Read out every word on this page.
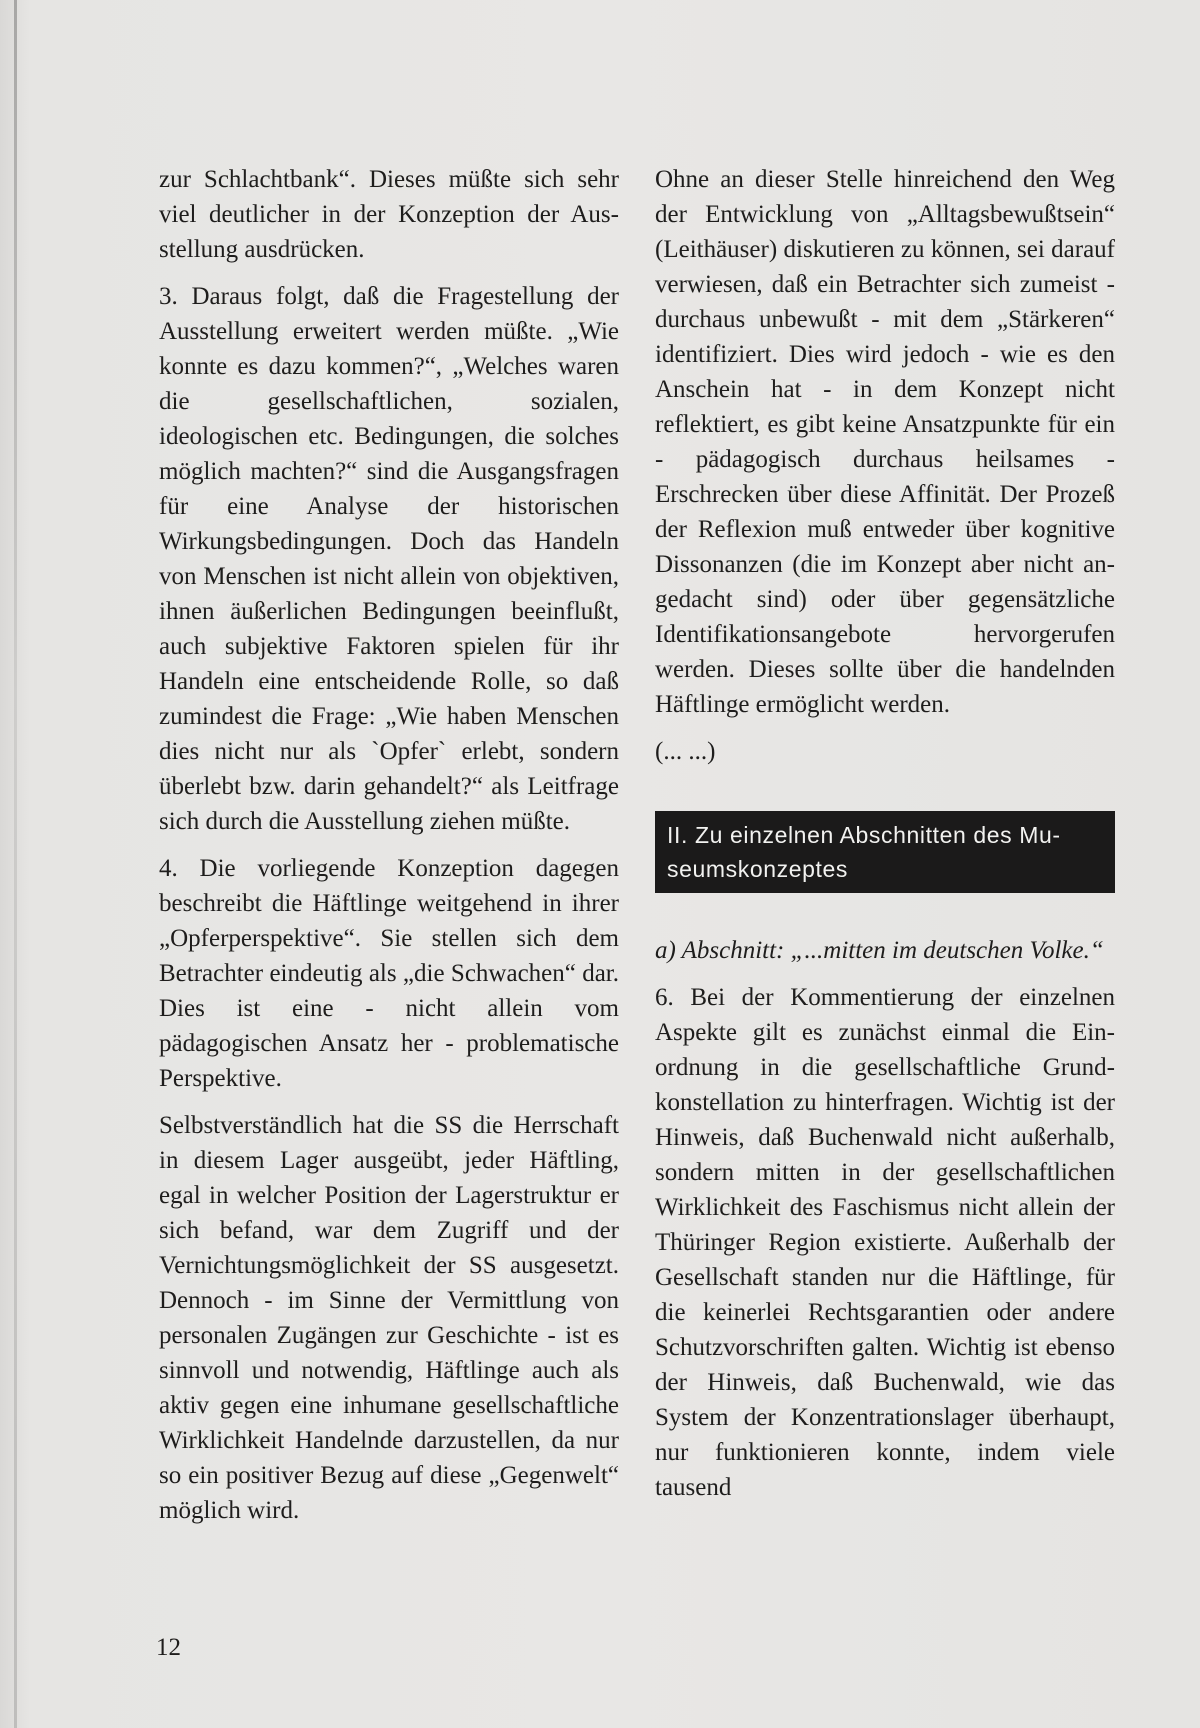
zur Schlachtbank“. Dieses müßte sich sehr viel deutlicher in der Konzeption der Ausstellung ausdrücken.

3. Daraus folgt, daß die Fragestellung der Ausstellung erweitert werden müßte. „Wie konnte es dazu kommen?“, „Welches waren die gesellschaftlichen, sozialen, ideologischen etc. Bedingungen, die solches möglich machten?“ sind die Ausgangsfragen für eine Analyse der historischen Wirkungsbedingungen. Doch das Handeln von Menschen ist nicht allein von objektiven, ihnen äußerlichen Bedingungen beeinflußt, auch subjektive Faktoren spielen für ihr Handeln eine entscheidende Rolle, so daß zumindest die Frage: „Wie haben Menschen dies nicht nur als `Opfer` erlebt, sondern überlebt bzw. darin gehandelt?“ als Leitfrage sich durch die Ausstellung ziehen müßte.

4. Die vorliegende Konzeption dagegen beschreibt die Häftlinge weitgehend in ihrer „Opferperspektive“. Sie stellen sich dem Betrachter eindeutig als „die Schwachen“ dar. Dies ist eine - nicht allein vom pädagogischen Ansatz her - problematische Perspektive.

Selbstverständlich hat die SS die Herrschaft in diesem Lager ausgeübt, jeder Häftling, egal in welcher Position der Lagerstruktur er sich befand, war dem Zugriff und der Vernichtungsmöglichkeit der SS ausgesetzt. Dennoch - im Sinne der Vermittlung von personalen Zugängen zur Geschichte - ist es sinnvoll und notwendig, Häftlinge auch als aktiv gegen eine inhumane gesellschaftliche Wirklichkeit Handelnde darzustellen, da nur so ein positiver Bezug auf diese „Gegenwelt“ möglich wird.

Ohne an dieser Stelle hinreichend den Weg der Entwicklung von „Alltagsbewußtsein“ (Leithäuser) diskutieren zu können, sei darauf verwiesen, daß ein Betrachter sich zumeist - durchaus unbewußt - mit dem „Stärkeren“ identifiziert. Dies wird jedoch - wie es den Anschein hat - in dem Konzept nicht reflektiert, es gibt keine Ansatzpunkte für ein - pädagogisch durchaus heilsames - Erschrecken über diese Affinität. Der Prozeß der Reflexion muß entweder über kognitive Dissonanzen (die im Konzept aber nicht angedacht sind) oder über gegensätzliche Identifikationsangebote hervorgerufen werden. Dieses sollte über die handelnden Häftlinge ermöglicht werden.

(... ...)

II. Zu einzelnen Abschnitten des Museumskonzeptes

a) Abschnitt: „...mitten im deutschen Volke.“

6. Bei der Kommentierung der einzelnen Aspekte gilt es zunächst einmal die Einordnung in die gesellschaftliche Grundkonstellation zu hinterfragen. Wichtig ist der Hinweis, daß Buchenwald nicht außerhalb, sondern mitten in der gesellschaftlichen Wirklichkeit des Faschismus nicht allein der Thüringer Region existierte. Außerhalb der Gesellschaft standen nur die Häftlinge, für die keinerlei Rechtsgarantien oder andere Schutzvorschriften galten. Wichtig ist ebenso der Hinweis, daß Buchenwald, wie das System der Konzentrationslager überhaupt, nur funktionieren konnte, indem viele tausend

12
